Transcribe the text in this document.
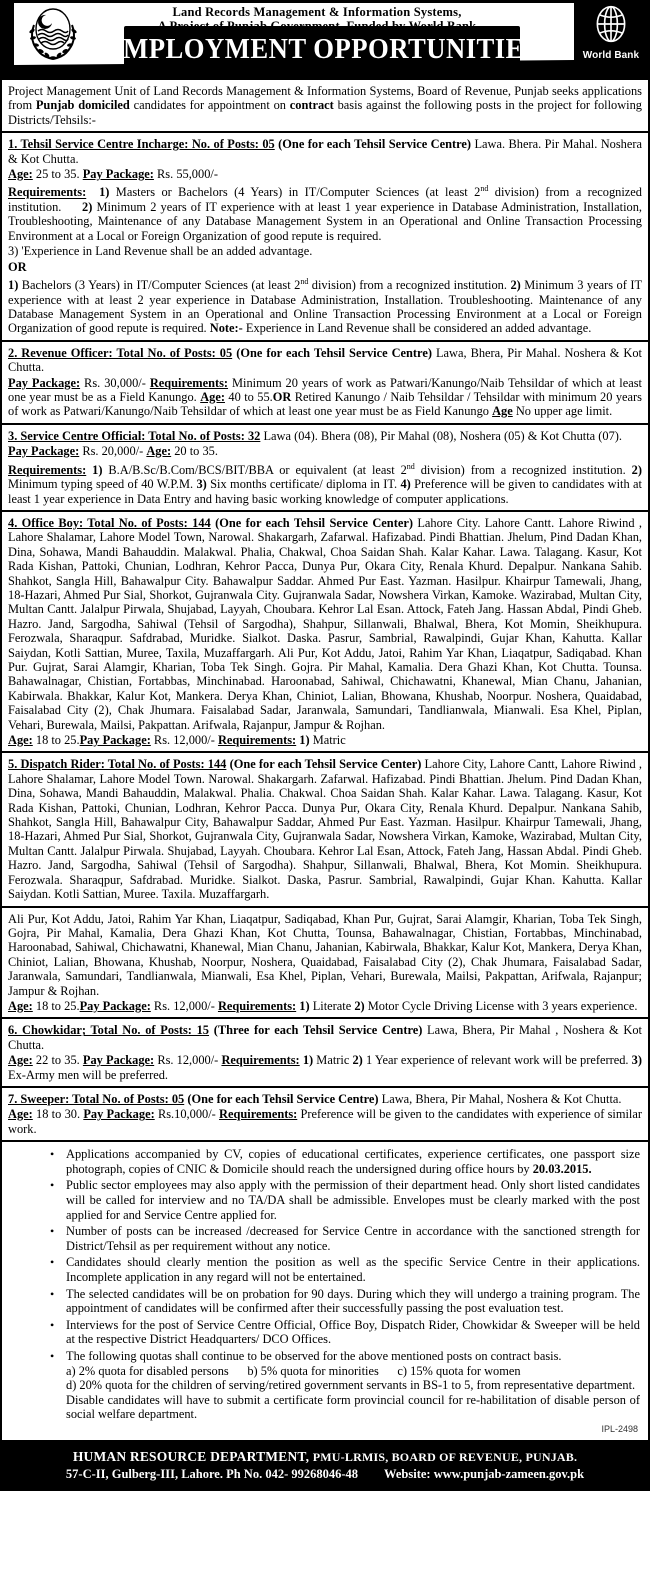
Land Records Management & Information Systems,
EMPLOYMENT OPPORTUNITIES	World Bank

Project Management Unit of Land Records Management & Information Systems, Board of Revenue, Punjab seeks applications from Punjab domiciled candidates for appointment on contract basis against the following posts in the project for following Districts/Tehsils:-

1. Tehsil Service Centre Incharge: No. of Posts: 05 (One for each Tehsil Service Centre) Lawa. Bhera. Pir Mahal. Noshera & Kot Chutta.

Age: 25 to 35. Pay Package: Rs. 55,000/-

Requirements: 1) Masters or Bachelors (4 Years) in IT/Computer Sciences (at least 2nd division) from a recognized institution. 2) Minimum 2 years of IT experience with at least 1 year experience in Database Administration, Installation, Troubleshooting, Maintenance of any Database Management System in an Operational and Online Transaction Processing Environment at a Local or Foreign Organization of good repute is required.

3) 'Experience in Land Revenue shall be an added advantage.

OR

1) Bachelors (3 Years) in IT/Computer Sciences (at least 2nd division) from a recognized institution. 2) Minimum 3 years of IT experience with at least 2 year experience in Database Administration, Installation. Troubleshooting. Maintenance of any Database Management System in an Operational and Online Transaction Processing Environment at a Local or Foreign Organization of good repute is required. Note:- Experience in Land Revenue shall be considered an added advantage.

2. Revenue Officer: Total No. of Posts: 05 (One for each Tehsil Service Centre) Lawa, Bhera, Pir Mahal. Noshera & Kot Chutta.

Pay Package: Rs. 30,000/- Requirements: Minimum 20 years of work as Patwari/Kanungo/Naib Tehsildar of which at least one year must be as a Field Kanungo. Age: 40 to 55.OR Retired Kanungo / Naib Tehsildar / Tehsildar with minimum 20 years of work as Patwari/Kanungo/Naib Tehsildar of which at least one year must be as Field Kanungo Age No upper age limit.

3. Service Centre Official: Total No. of Posts: 32 Lawa (04). Bhera (08), Pir Mahal (08), Noshera (05) & Kot Chutta (07).

Pay Package: Rs. 20,000/- Age: 20 to 35.

Requirements: 1) B.A/B.Sc/B.Com/BCS/BIT/BBA or equivalent (at least 2nd division) from a recognized institution. 2) Minimum typing speed of 40 W.P.M. 3) Six months certificate/ diploma in IT. 4) Preference will be given to candidates with at least 1 year experience in Data Entry and having basic working knowledge of computer applications.

4. Office Boy: Total No. of Posts: 144 (One for each Tehsil Service Center) Lahore City. Lahore Cantt. Lahore Riwind , Lahore Shalamar, Lahore Model Town, Narowal. Shakargarh, Zafarwal. Hafizabad. Pindi Bhattian. Jhelum, Pind Dadan Khan, Dina, Sohawa, Mandi Bahauddin. Malakwal. Phalia, Chakwal, Choa Saidan Shah. Kalar Kahar. Lawa. Talagang. Kasur, Kot Rada Kishan, Pattoki, Chunian, Lodhran, Kehror Pacca, Dunya Pur, Okara City, Renala Khurd. Depalpur. Nankana Sahib. Shahkot, Sangla Hill, Bahawalpur City. Bahawalpur Saddar. Ahmed Pur East. Yazman. Hasilpur. Khairpur Tamewali, Jhang, 18-Hazari, Ahmed Pur Sial, Shorkot, Gujranwala City. Gujranwala Sadar, Nowshera Virkan, Kamoke. Wazirabad, Multan City, Multan Cantt. Jalalpur Pirwala, Shujabad, Layyah, Choubara. Kehror Lal Esan. Attock, Fateh Jang. Hassan Abdal, Pindi Gheb. Hazro. Jand, Sargodha, Sahiwal (Tehsil of Sargodha), Shahpur, Sillanwali, Bhalwal, Bhera, Kot Momin, Sheikhupura. Ferozwala, Sharaqpur. Safdrabad, Muridke. Sialkot. Daska. Pasrur, Sambrial, Rawalpindi, Gujar Khan, Kahutta. Kallar Saiydan, Kotli Sattian, Muree, Taxila, Muzaffargarh. Ali Pur, Kot Addu, Jatoi, Rahim Yar Khan, Liaqatpur, Sadiqabad. Khan Pur. Gujrat, Sarai Alamgir, Kharian, Toba Tek Singh. Gojra. Pir Mahal, Kamalia. Dera Ghazi Khan, Kot Chutta. Tounsa. Bahawalnagar, Chistian, Fortabbas, Minchinabad. Haroonabad, Sahiwal, Chichawatni, Khanewal, Mian Chanu, Jahanian, Kabirwala. Bhakkar, Kalur Kot, Mankera. Derya Khan, Chiniot, Lalian, Bhowana, Khushab, Noorpur. Noshera, Quaidabad, Faisalabad City (2), Chak Jhumara. Faisalabad Sadar, Jaranwala, Samundari, Tandlianwala, Mianwali. Esa Khel, Piplan, Vehari, Burewala, Mailsi, Pakpattan. Arifwala, Rajanpur, Jampur & Rojhan.

Age: 18 to 25.Pay Package: Rs. 12,000/- Requirements: 1) Matric

5. Dispatch Rider: Total No. of Posts: 144 (One for each Tehsil Service Center) Lahore City, Lahore Cantt, Lahore Riwind , Lahore Shalamar, Lahore Model Town. Narowal. Shakargarh. Zafarwal. Hafizabad. Pindi Bhattian. Jhelum. Pind Dadan Khan, Dina, Sohawa, Mandi Bahauddin, Malakwal. Phalia. Chakwal. Choa Saidan Shah. Kalar Kahar. Lawa. Talagang. Kasur, Kot Rada Kishan, Pattoki, Chunian, Lodhran, Kehror Pacca. Dunya Pur, Okara City, Renala Khurd. Depalpur. Nankana Sahib, Shahkot, Sangla Hill, Bahawalpur City, Bahawalpur Saddar, Ahmed Pur East. Yazman. Hasilpur. Khairpur Tamewali, Jhang, 18-Hazari, Ahmed Pur Sial, Shorkot, Gujranwala City, Gujranwala Sadar, Nowshera Virkan, Kamoke, Wazirabad, Multan City, Multan Cantt. Jalalpur Pirwala. Shujabad, Layyah. Choubara. Kehror Lal Esan, Attock, Fateh Jang, Hassan Abdal. Pindi Gheb. Hazro. Jand, Sargodha, Sahiwal (Tehsil of Sargodha). Shahpur, Sillanwali, Bhalwal, Bhera, Kot Momin. Sheikhupura. Ferozwala. Sharaqpur, Safdrabad. Muridke. Sialkot. Daska, Pasrur. Sambrial, Rawalpindi, Gujar Khan. Kahutta. Kallar Saiydan. Kotli Sattian, Muree. Taxila. Muzaffargarh.

Ali Pur, Kot Addu, Jatoi, Rahim Yar Khan, Liaqatpur, Sadiqabad, Khan Pur, Gujrat, Sarai Alamgir, Kharian, Toba Tek Singh, Gojra, Pir Mahal, Kamalia, Dera Ghazi Khan, Kot Chutta, Tounsa, Bahawalnagar, Chistian, Fortabbas, Minchinabad, Haroonabad, Sahiwal, Chichawatni, Khanewal, Mian Chanu, Jahanian, Kabirwala, Bhakkar, Kalur Kot, Mankera, Derya Khan, Chiniot, Lalian, Bhowana, Khushab, Noorpur, Noshera, Quaidabad, Faisalabad City (2), Chak Jhumara, Faisalabad Sadar, Jaranwala, Samundari, Tandlianwala, Mianwali, Esa Khel, Piplan, Vehari, Burewala, Mailsi, Pakpattan, Arifwala, Rajanpur; Jampur & Rojhan.

Age: 18 to 25.Pay Package: Rs. 12,000/- Requirements: 1) Literate 2) Motor Cycle Driving License with 3 years experience.

6. Chowkidar; Total No. of Posts: 15 (Three for each Tehsil Service Centre) Lawa, Bhera, Pir Mahal , Noshera & Kot Chutta.

Age: 22 to 35. Pay Package: Rs. 12,000/- Requirements: 1) Matric 2) 1 Year experience of relevant work will be preferred. 3) Ex-Army men will be preferred.

7. Sweeper: Total No. of Posts: 05 (One for each Tehsil Service Centre) Lawa, Bhera, Pir Mahal, Noshera & Kot Chutta.

Age: 18 to 30. Pay Package: Rs.10,000/- Requirements: Preference will be given to the candidates with experience of similar work.

• Applications accompanied by CV, copies of educational certificates, experience certificates, one passport size photograph, copies of CNIC & Domicile should reach the undersigned during office hours by 20.03.2015.
• Public sector employees may also apply with the permission of their department head. Only short listed candidates will be called for interview and no TA/DA shall be admissible. Envelopes must be clearly marked with the post applied for and Service Centre applied for.
• Number of posts can be increased /decreased for Service Centre in accordance with the sanctioned strength for District/Tehsil as per requirement without any notice.
• Candidates should clearly mention the position as well as the specific Service Centre in their applications. Incomplete application in any regard will not be entertained.
• The selected candidates will be on probation for 90 days. During which they will undergo a training program. The appointment of candidates will be confirmed after their successfully passing the post evaluation test.
• Interviews for the post of Service Centre Official, Office Boy, Dispatch Rider, Chowkidar & Sweeper will be held at the respective District Headquarters/ DCO Offices.
• The following quotas shall continue to be observed for the above mentioned posts on contract basis.
a) 2% quota for disabled persons b) 5% quota for minorities c) 15% quota for women
d) 20% quota for the children of serving/retired government servants in BS-1 to 5, from representative department.
Disable candidates will have to submit a certificate form provincial council for re-habilitation of disable person of social welfare department.

IPL-2498

HUMAN RESOURCE DEPARTMENT, PMU-LRMIS, BOARD OF REVENUE, PUNJAB.
57-C-II, Gulberg-III, Lahore. Ph No. 042- 99268046-48 Website: www.punjab-zameen.gov.pk
